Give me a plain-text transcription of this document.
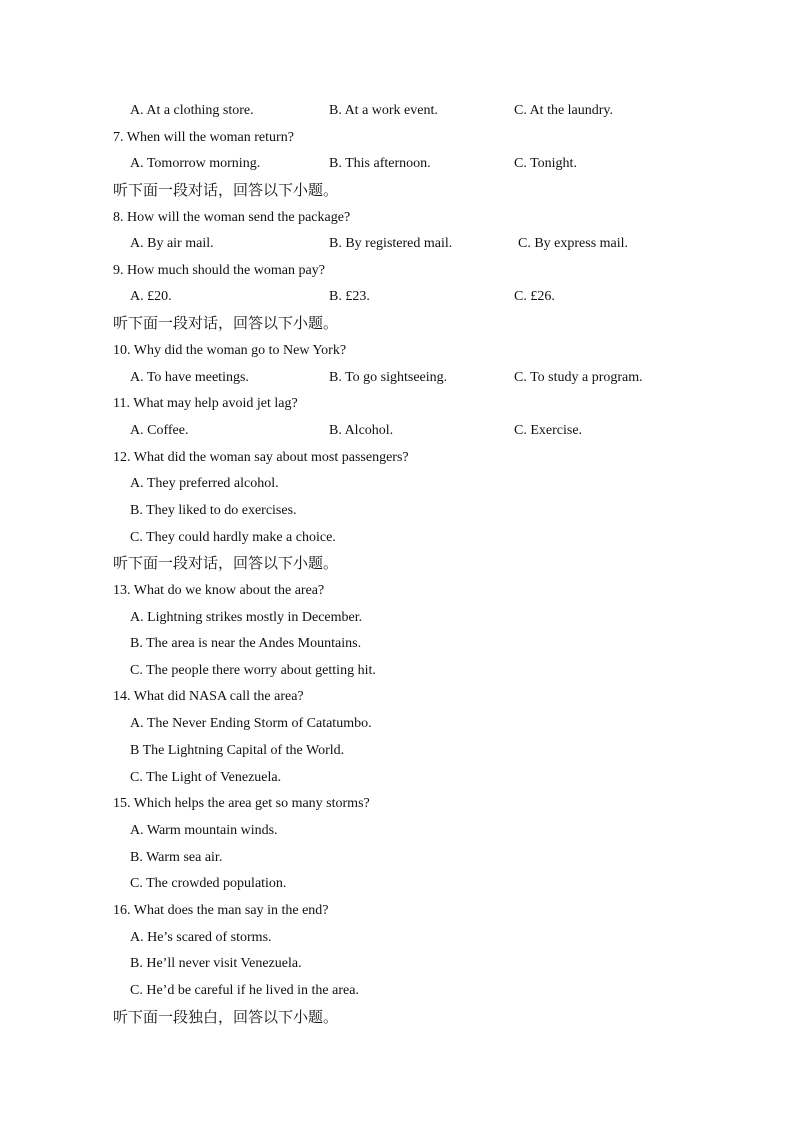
A. At a clothing store.	B. At a work event.	C. At the laundry.
7. When will the woman return?
A. Tomorrow morning.	B. This afternoon.	C. Tonight.
听下面一段对话，回答以下小题。
8. How will the woman send the package?
A. By air mail.	B. By registered mail.	C. By express mail.
9. How much should the woman pay?
A. £20.	B. £23.	C. £26.
听下面一段对话，回答以下小题。
10. Why did the woman go to New York?
A. To have meetings.	B. To go sightseeing.	C. To study a program.
11. What may help avoid jet lag?
A. Coffee.	B. Alcohol.	C. Exercise.
12. What did the woman say about most passengers?
A. They preferred alcohol.
B. They liked to do exercises.
C. They could hardly make a choice.
听下面一段对话，回答以下小题。
13. What do we know about the area?
A. Lightning strikes mostly in December.
B. The area is near the Andes Mountains.
C. The people there worry about getting hit.
14. What did NASA call the area?
A. The Never Ending Storm of Catatumbo.
B The Lightning Capital of the World.
C. The Light of Venezuela.
15. Which helps the area get so many storms?
A. Warm mountain winds.
B. Warm sea air.
C. The crowded population.
16. What does the man say in the end?
A. He’s scared of storms.
B. He’ll never visit Venezuela.
C. He’d be careful if he lived in the area.
听下面一段独白，回答以下小题。
